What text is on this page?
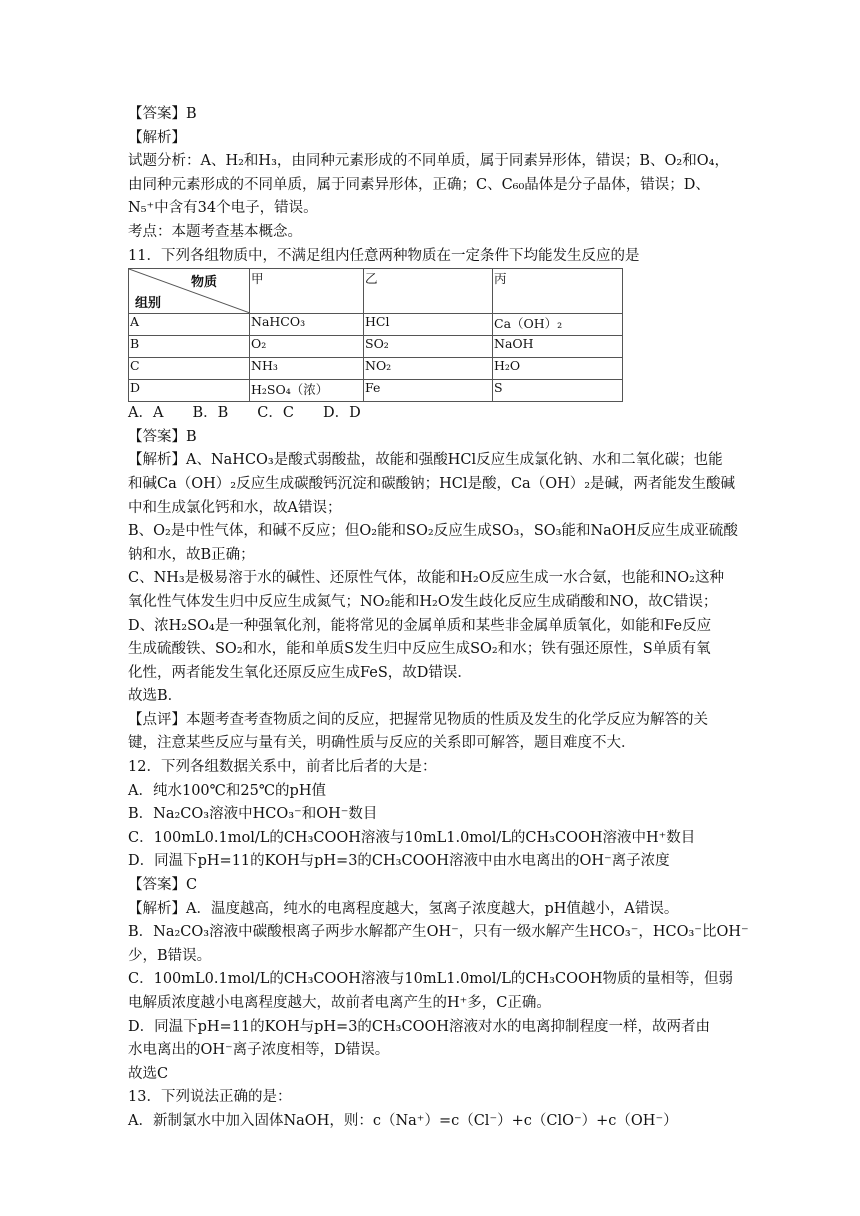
【答案】B
【解析】
试题分析：A、H₂和H₃，由同种元素形成的不同单质，属于同素异形体，错误；B、O₂和O₄，
由同种元素形成的不同单质，属于同素异形体，正确；C、C₆₀晶体是分子晶体，错误；D、
N₅⁺中含有34个电子，错误。
考点：本题考查基本概念。
11．下列各组物质中，不满足组内任意两种物质在一定条件下均能发生反应的是
物质
组别	甲	乙	丙
A	NaHCO₃	HCl	Ca（OH）₂
B	O₂	SO₂	NaOH
C	NH₃	NO₂	H₂O
D	H₂SO₄（浓）	Fe	S
A．A　　B．B　　C．C　　D．D
【答案】B
【解析】A、NaHCO₃是酸式弱酸盐，故能和强酸HCl反应生成氯化钠、水和二氧化碳；也能
和碱Ca（OH）₂反应生成碳酸钙沉淀和碳酸钠；HCl是酸，Ca（OH）₂是碱，两者能发生酸碱
中和生成氯化钙和水，故A错误；
B、O₂是中性气体，和碱不反应；但O₂能和SO₂反应生成SO₃，SO₃能和NaOH反应生成亚硫酸
钠和水，故B正确；
C、NH₃是极易溶于水的碱性、还原性气体，故能和H₂O反应生成一水合氨，也能和NO₂这种
氧化性气体发生归中反应生成氮气；NO₂能和H₂O发生歧化反应生成硝酸和NO，故C错误；
D、浓H₂SO₄是一种强氧化剂，能将常见的金属单质和某些非金属单质氧化，如能和Fe反应
生成硫酸铁、SO₂和水，能和单质S发生归中反应生成SO₂和水；铁有强还原性，S单质有氧
化性，两者能发生氧化还原反应生成FeS，故D错误．
故选B．
【点评】本题考查考查物质之间的反应，把握常见物质的性质及发生的化学反应为解答的关
键，注意某些反应与量有关，明确性质与反应的关系即可解答，题目难度不大．
12．下列各组数据关系中，前者比后者的大是：
A．纯水100℃和25℃的pH值
B．Na₂CO₃溶液中HCO₃⁻和OH⁻数目
C．100mL0.1mol/L的CH₃COOH溶液与10mL1.0mol/L的CH₃COOH溶液中H⁺数目
D．同温下pH=11的KOH与pH=3的CH₃COOH溶液中由水电离出的OH⁻离子浓度
【答案】C
【解析】A．温度越高，纯水的电离程度越大，氢离子浓度越大，pH值越小，A错误。
B．Na₂CO₃溶液中碳酸根离子两步水解都产生OH⁻，只有一级水解产生HCO₃⁻，HCO₃⁻比OH⁻
少，B错误。
C．100mL0.1mol/L的CH₃COOH溶液与10mL1.0mol/L的CH₃COOH物质的量相等，但弱
电解质浓度越小电离程度越大，故前者电离产生的H⁺多，C正确。
D．同温下pH=11的KOH与pH=3的CH₃COOH溶液对水的电离抑制程度一样，故两者由
水电离出的OH⁻离子浓度相等，D错误。
故选C
13．下列说法正确的是：
A．新制氯水中加入固体NaOH，则：c（Na⁺）=c（Cl⁻）+c（ClO⁻）+c（OH⁻）
